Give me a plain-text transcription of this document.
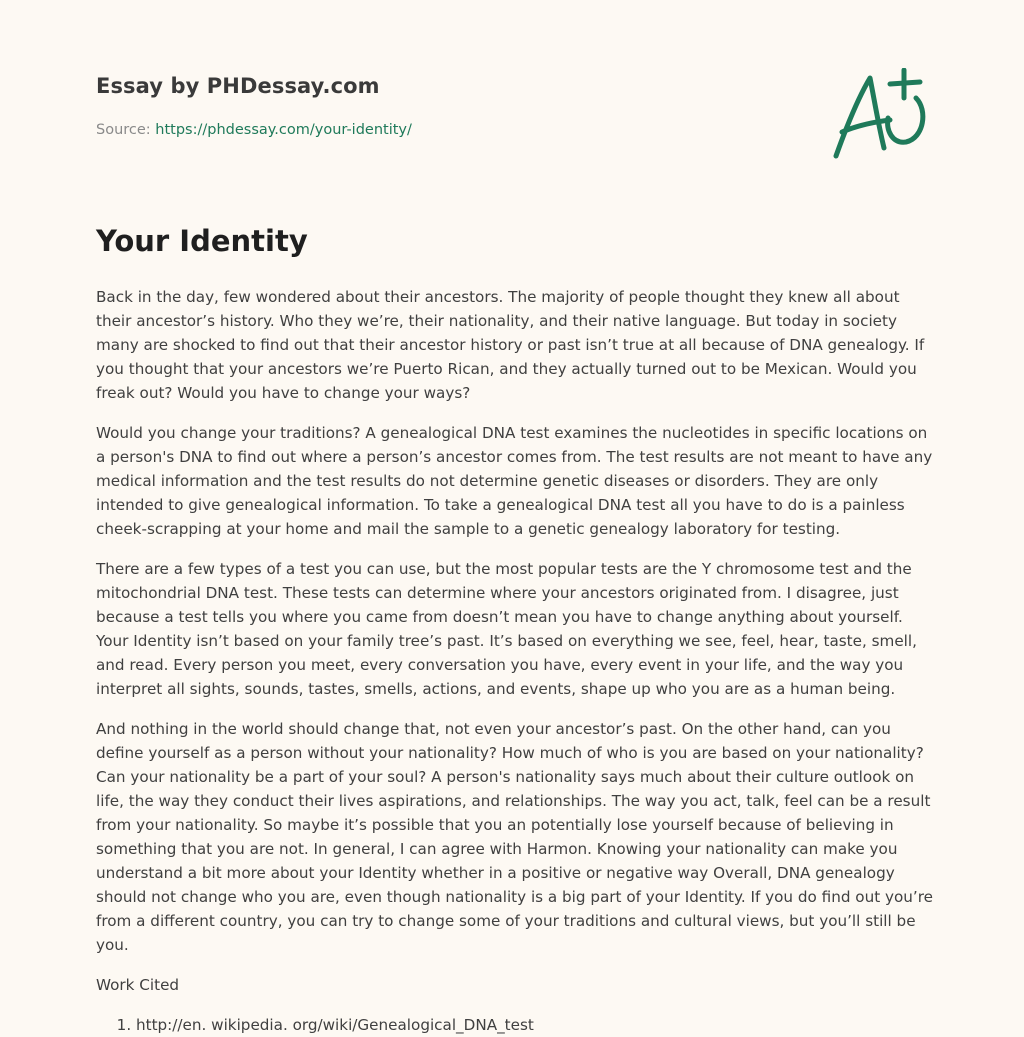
Essay by PHDessay.com
Source: https://phdessay.com/your-identity/
Your Identity

Back in the day, few wondered about their ancestors. The majority of people thought they knew all about their ancestor’s history. Who they we’re, their nationality, and their native language. But today in society many are shocked to find out that their ancestor history or past isn’t true at all because of DNA genealogy. If you thought that your ancestors we’re Puerto Rican, and they actually turned out to be Mexican. Would you freak out? Would you have to change your ways?

Would you change your traditions? A genealogical DNA test examines the nucleotides in specific locations on a person's DNA to find out where a person’s ancestor comes from. The test results are not meant to have any medical information and the test results do not determine genetic diseases or disorders. They are only intended to give genealogical information. To take a genealogical DNA test all you have to do is a painless cheek-scrapping at your home and mail the sample to a genetic genealogy laboratory for testing.

There are a few types of a test you can use, but the most popular tests are the Y chromosome test and the mitochondrial DNA test. These tests can determine where your ancestors originated from. I disagree, just because a test tells you where you came from doesn’t mean you have to change anything about yourself. Your Identity isn’t based on your family tree’s past. It’s based on everything we see, feel, hear, taste, smell, and read. Every person you meet, every conversation you have, every event in your life, and the way you interpret all sights, sounds, tastes, smells, actions, and events, shape up who you are as a human being.

And nothing in the world should change that, not even your ancestor’s past. On the other hand, can you define yourself as a person without your nationality? How much of who is you are based on your nationality? Can your nationality be a part of your soul? A person's nationality says much about their culture outlook on life, the way they conduct their lives aspirations, and relationships. The way you act, talk, feel can be a result from your nationality. So maybe it’s possible that you an potentially lose yourself because of believing in something that you are not. In general, I can agree with Harmon. Knowing your nationality can make you understand a bit more about your Identity whether in a positive or negative way Overall, DNA genealogy should not change who you are, even though nationality is a big part of your Identity. If you do find out you’re from a different country, you can try to change some of your traditions and cultural views, but you’ll still be you.

Work Cited

1. http://en. wikipedia. org/wiki/Genealogical_DNA_test
